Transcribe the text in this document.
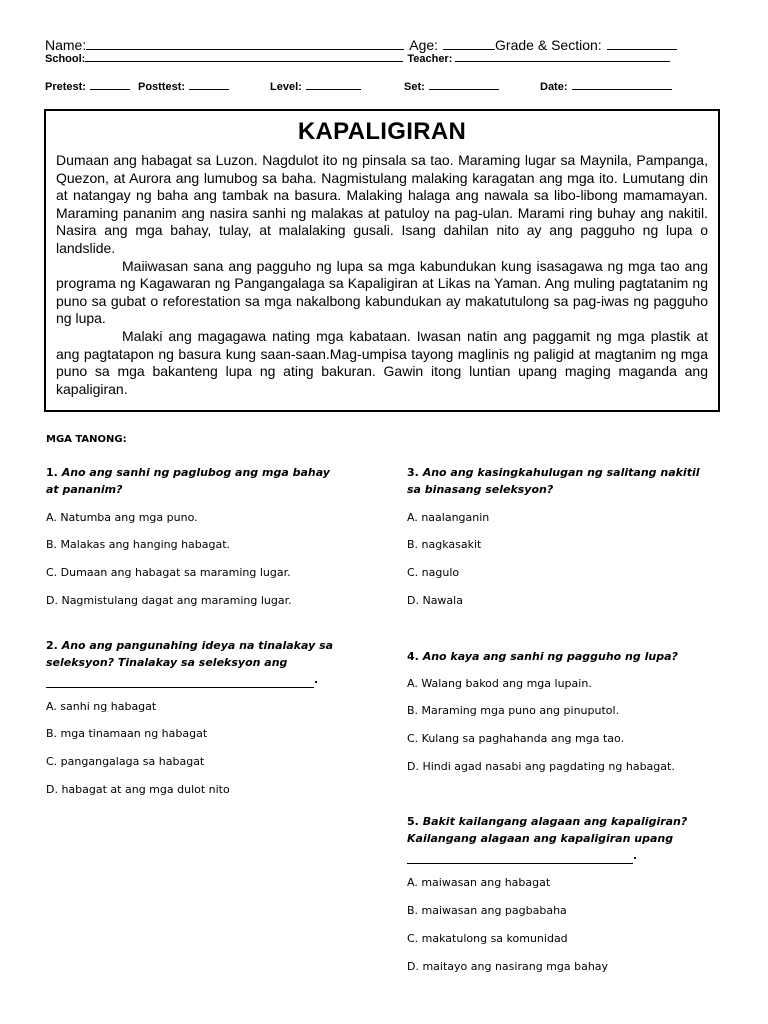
Name:	Age:	Grade & Section:
School:	Teacher:
Pretest:	Posttest:	Level:	Set:	Date:
KAPALIGIRAN

Dumaan ang habagat sa Luzon. Nagdulot ito ng pinsala sa tao. Maraming lugar sa Maynila, Pampanga, Quezon, at Aurora ang lumubog sa baha. Nagmistulang malaking karagatan ang mga ito. Lumutang din at natangay ng baha ang tambak na basura. Malaking halaga ang nawala sa libo-libong mamamayan. Maraming pananim ang nasira sanhi ng malakas at patuloy na pag-ulan. Marami ring buhay ang nakitil. Nasira ang mga bahay, tulay, at malalaking gusali. Isang dahilan nito ay ang pagguho ng lupa o landslide.

Maiiwasan sana ang pagguho ng lupa sa mga kabundukan kung isasagawa ng mga tao ang programa ng Kagawaran ng Pangangalaga sa Kapaligiran at Likas na Yaman. Ang muling pagtatanim ng puno sa gubat o reforestation sa mga nakalbong kabundukan ay makatutulong sa pag-iwas ng pagguho ng lupa.

Malaki ang magagawa nating mga kabataan. Iwasan natin ang paggamit ng mga plastik at ang pagtatapon ng basura kung saan-saan.Mag-umpisa tayong maglinis ng paligid at magtanim ng mga puno sa mga bakanteng lupa ng ating bakuran. Gawin itong luntian upang maging maganda ang kapaligiran.

MGA TANONG:
1. Ano ang sanhi ng paglubog ang mga bahay
at pananim?
A. Natumba ang mga puno.
B. Malakas ang hanging habagat.
C. Dumaan ang habagat sa maraming lugar.
D. Nagmistulang dagat ang maraming lugar.
2. Ano ang pangunahing ideya na tinalakay sa
seleksyon? Tinalakay sa seleksyon ang
.
A. sanhi ng habagat
B. mga tinamaan ng habagat
C. pangangalaga sa habagat
D. habagat at ang mga dulot nito
3. Ano ang kasingkahulugan ng salitang nakitil
sa binasang seleksyon?
A. naalanganin
B. nagkasakit
C. nagulo
D. Nawala
4. Ano kaya ang sanhi ng pagguho ng lupa?
A. Walang bakod ang mga lupain.
B. Maraming mga puno ang pinuputol.
C. Kulang sa paghahanda ang mga tao.
D. Hindi agad nasabi ang pagdating ng habagat.
5. Bakit kailangang alagaan ang kapaligiran?
Kailangang alagaan ang kapaligiran upang
.
A. maiwasan ang habagat
B. maiwasan ang pagbabaha
C. makatulong sa komunidad
D. maitayo ang nasirang mga bahay
